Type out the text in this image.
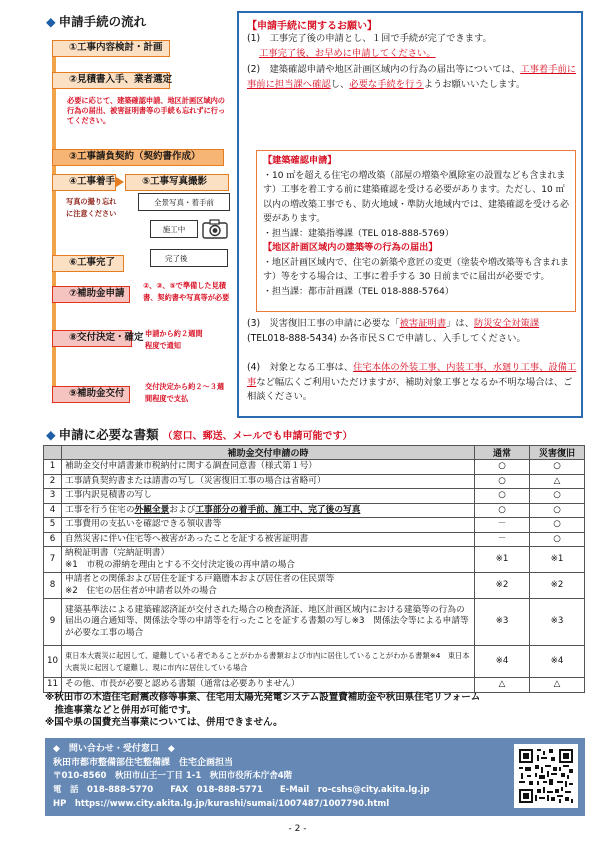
◆ 申請手続の流れ
①工事内容検討・計画
②見積書入手、業者選定
必要に応じて、建築確認申請、地区計画区域内の行為の届出、被害証明書等の手続も忘れずに行ってください。
③工事請負契約（契約書作成）
④工事着手	⑤工事写真撮影
写真の撮り忘れに注意ください
全景写真・着手前
施工中
完了後
⑥工事完了
⑦補助金申請
②、③、⑤で準備した見積書、契約書や写真等が必要
⑧交付決定・確定 申請から約２週間程度で通知
⑨補助金交付
交付決定から約２～３週間程度で支払
【申請手続に関するお願い】
(1)　工事完了後の申請とし、１回で手続が完了できます。
工事完了後、お早めに申請してください。
(2)　建築確認申請や地区計画区域内の行為の届出等については、工事着手前に事前に担当課へ確認し、必要な手続を行うようお願いいたします。
【建築確認申請】
・10 ㎡を超える住宅の増改築（部屋の増築や風除室の設置なども含まれます）工事を着工する前に建築確認を受ける必要があります。ただし、10 ㎡以内の増改築工事でも、防火地域・準防火地域内では、建築確認を受ける必要があります。
・担当課：建築指導課（TEL 018-888-5769）
【地区計画区域内の建築等の行為の届出】
・地区計画区域内で、住宅の新築や意匠の変更（塗装や増改築等も含まれます）等をする場合は、工事に着手する 30 日前までに届出が必要です。
・担当課：都市計画課（TEL 018-888-5764）
(3)　災害復旧工事の申請に必要な「被害証明書」は、防災安全対策課(TEL018-888-5434) か各市民ＳＣで申請し、入手してください。
(4)　対象となる工事は、住宅本体の外装工事、内装工事、水廻り工事、設備工事など幅広くご利用いただけますが、補助対象工事となるか不明な場合は、ご相談ください。
◆ 申請に必要な書類 （窓口、郵送、メールでも申請可能です）
	補助金交付申請の時	通常	災害復旧
1	補助金交付申請書兼市税納付に関する調査同意書（様式第１号）	○	○
2	工事請負契約書または請書の写し（災害復旧工事の場合は省略可）	○	△
3	工事内訳見積書の写し	○	○
4	工事を行う住宅の外観全景および工事部分の着手前、施工中、完了後の写真	○	○
5	工事費用の支払いを確認できる領収書等	－	○
6	自然災害に伴い住宅等へ被害があったことを証する被害証明書	－	○
7	納税証明書（完納証明書）
※1　市税の滞納を理由とする不交付決定後の再申請の場合	※1	※1
8	申請者との関係および居住を証する戸籍謄本および居住者の住民票等
※2　住宅の居住者が申請者以外の場合	※2	※2
9	建築基準法による建築確認済証が交付された場合の検査済証、地区計画区域内における建築等の行為の届出の適合通知等、関係法令等の申請等を行ったことを証する書類の写し※3　関係法令等による申請等が必要な工事の場合	※3	※3
10	東日本大震災に起因して、避難している者であることがわかる書類および市内に居住していることがわかる書類※4　東日本大震災に起因して避難し、現に市内に居住している場合	※4	※4
11	その他、市長が必要と認める書類（通常は必要ありません）	△	△
※秋田市の木造住宅耐震改修等事業、住宅用太陽光発電システム設置費補助金や秋田県住宅リフォーム
　推進事業などと併用が可能です。
※国や県の国費充当事業については、併用できません。
◆　問い合わせ・受付窓口　◆
秋田市都市整備部住宅整備課　住宅企画担当
〒010-8560　秋田市山王一丁目 1-1　秋田市役所本庁舎4階
電　話　018-888-5770　　FAX　018-888-5771　　E-Mail　ro-cshs@city.akita.lg.jp
HP　https://www.city.akita.lg.jp/kurashi/sumai/1007487/1007790.html
- 2 -
